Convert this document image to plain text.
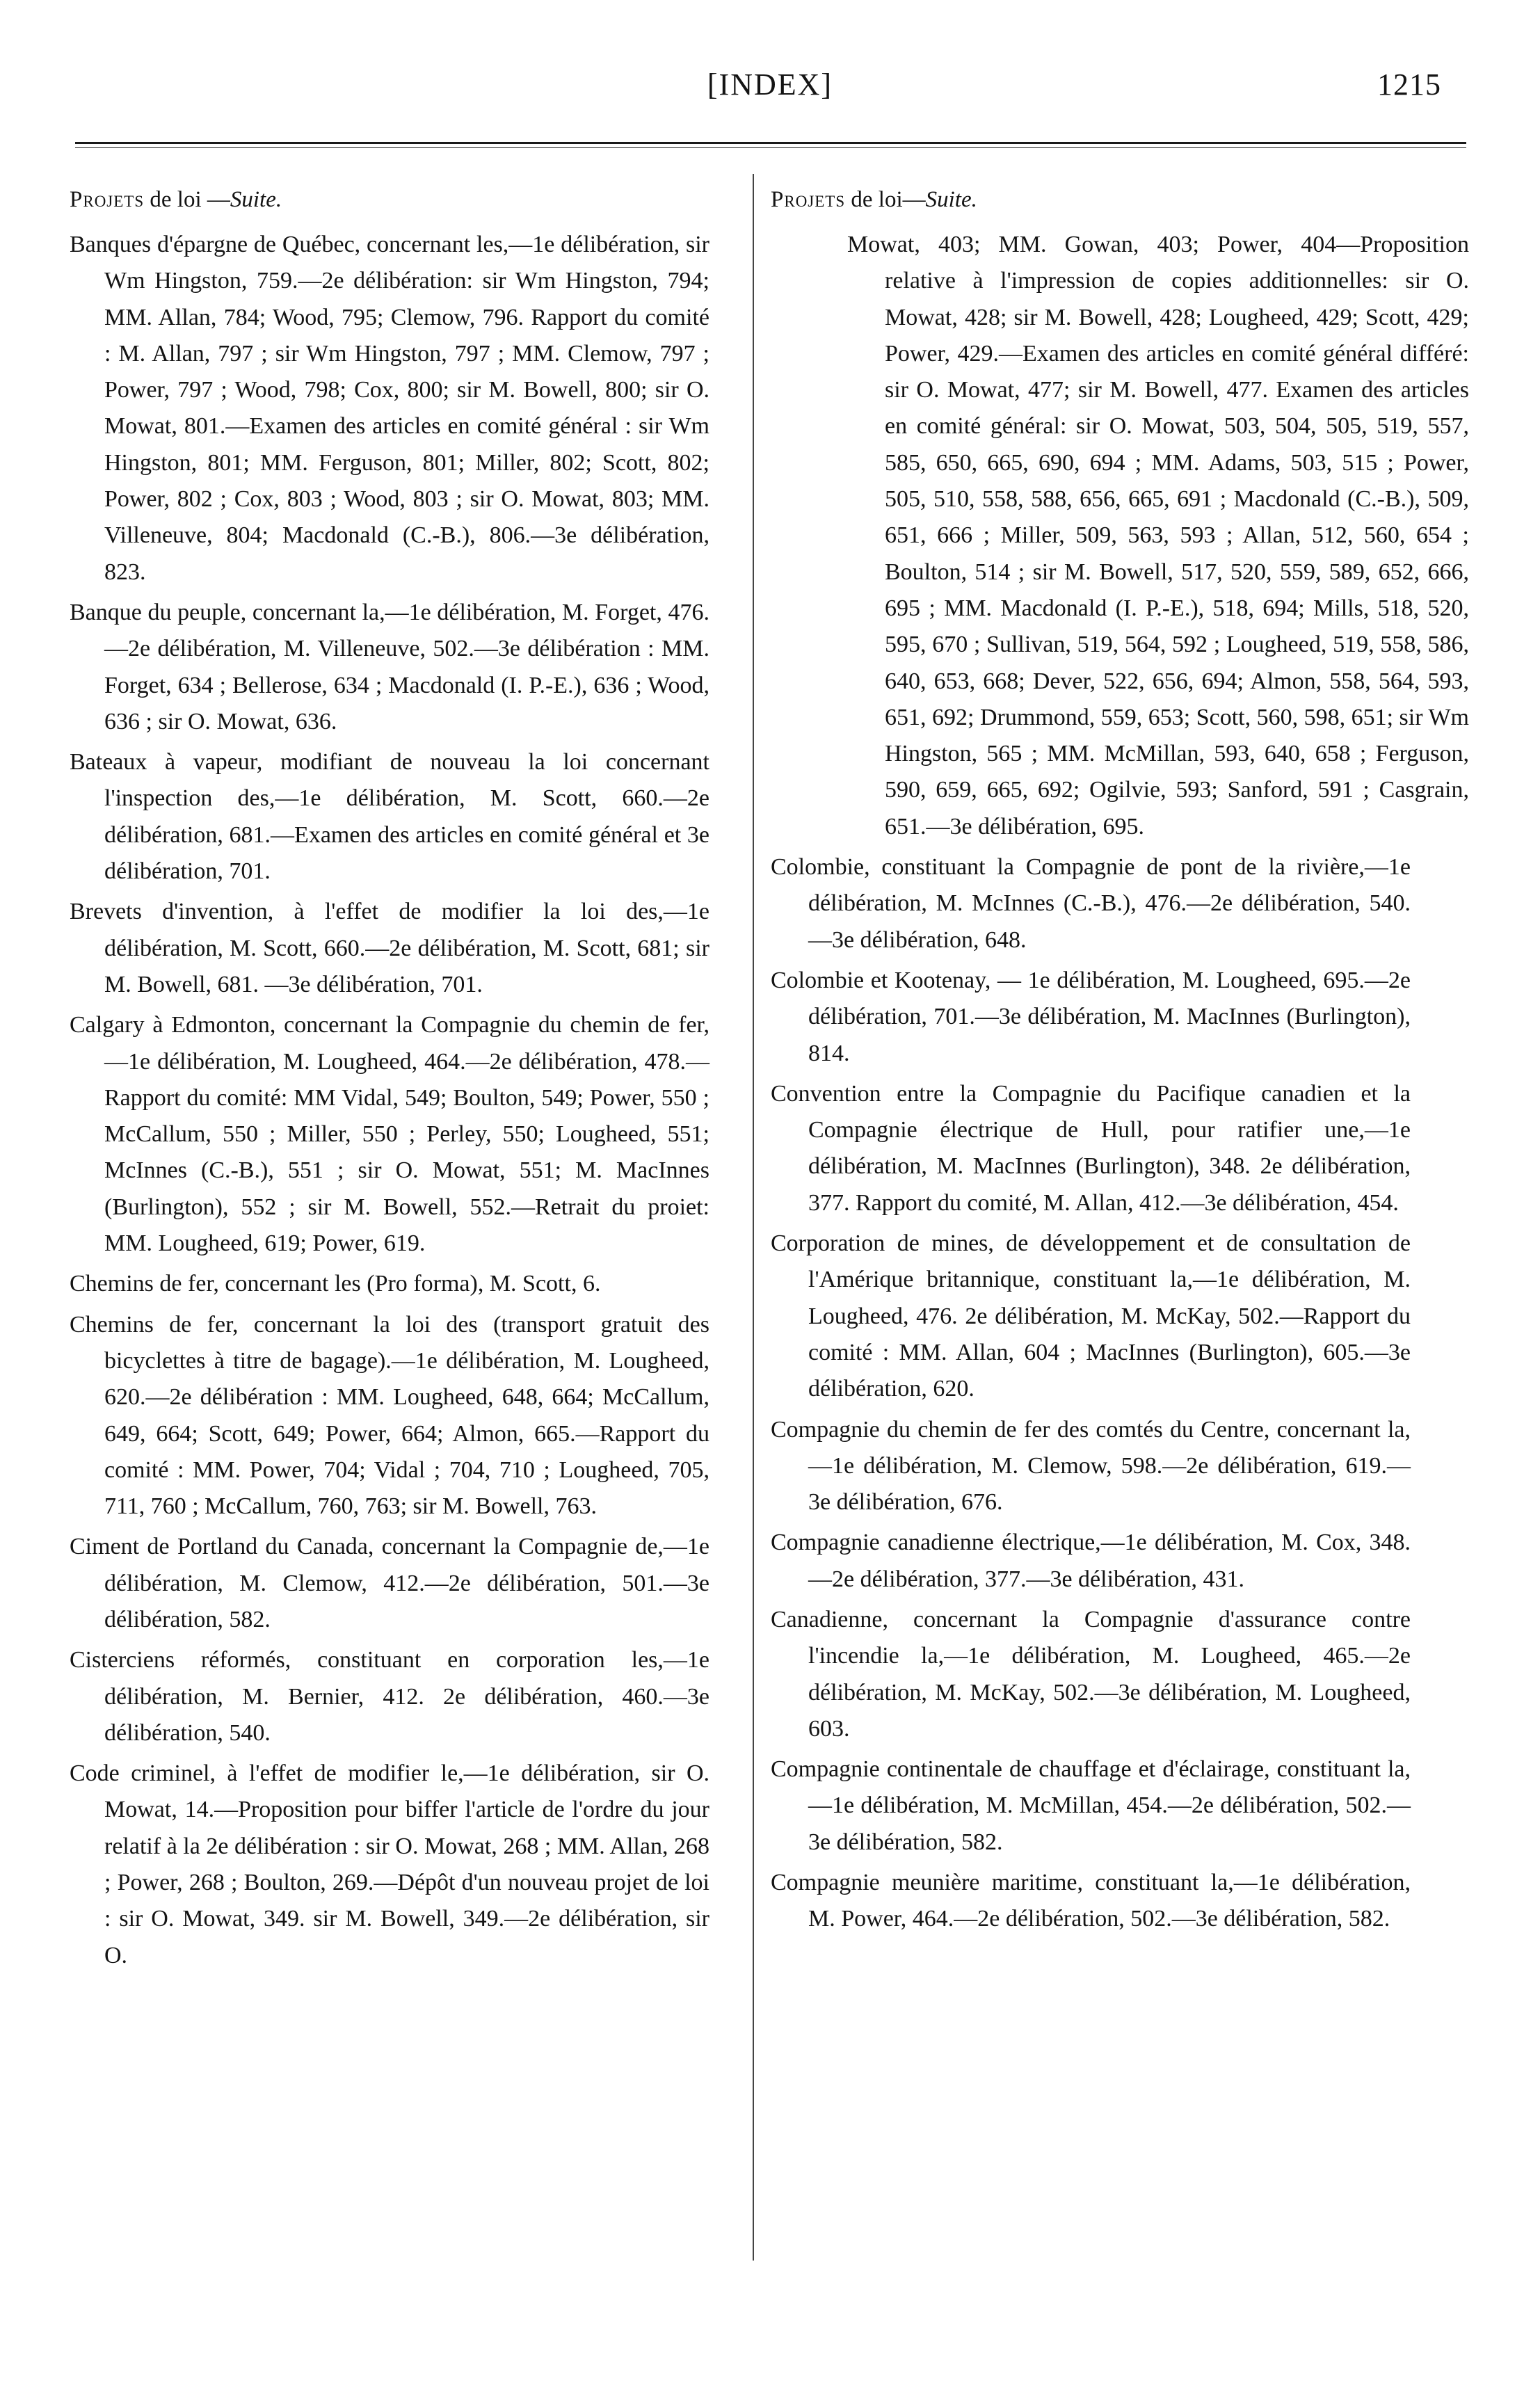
[INDEX]	1215
Projets de loi —Suite.

Banques d'épargne de Québec, concernant les,—1e délibération, sir Wm Hingston, 759.—2e délibération: sir Wm Hingston, 794; MM. Allan, 784; Wood, 795; Clemow, 796. Rapport du comité : M. Allan, 797 ; sir Wm Hingston, 797 ; MM. Clemow, 797 ; Power, 797 ; Wood, 798; Cox, 800; sir M. Bowell, 800; sir O. Mowat, 801.—Examen des articles en comité général : sir Wm Hingston, 801; MM. Ferguson, 801; Miller, 802; Scott, 802; Power, 802 ; Cox, 803 ; Wood, 803 ; sir O. Mowat, 803; MM. Villeneuve, 804; Macdonald (C.-B.), 806.—3e délibération, 823.

Banque du peuple, concernant la,—1e délibération, M. Forget, 476.—2e délibération, M. Villeneuve, 502.—3e délibération : MM. Forget, 634 ; Bellerose, 634 ; Macdonald (I. P.-E.), 636 ; Wood, 636 ; sir O. Mowat, 636.

Bateaux à vapeur, modifiant de nouveau la loi concernant l'inspection des,—1e délibération, M. Scott, 660.—2e délibération, 681.—Examen des articles en comité général et 3e délibération, 701.

Brevets d'invention, à l'effet de modifier la loi des,—1e délibération, M. Scott, 660.—2e délibération, M. Scott, 681; sir M. Bowell, 681. —3e délibération, 701.

Calgary à Edmonton, concernant la Compagnie du chemin de fer,—1e délibération, M. Lougheed, 464.—2e délibération, 478.—Rapport du comité: MM Vidal, 549; Boulton, 549; Power, 550 ; McCallum, 550 ; Miller, 550 ; Perley, 550; Lougheed, 551; McInnes (C.-B.), 551 ; sir O. Mowat, 551; M. MacInnes (Burlington), 552 ; sir M. Bowell, 552.—Retrait du proiet: MM. Lougheed, 619; Power, 619.

Chemins de fer, concernant les (Pro forma), M. Scott, 6.

Chemins de fer, concernant la loi des (transport gratuit des bicyclettes à titre de bagage).—1e délibération, M. Lougheed, 620.—2e délibération : MM. Lougheed, 648, 664; McCallum, 649, 664; Scott, 649; Power, 664; Almon, 665.—Rapport du comité : MM. Power, 704; Vidal ; 704, 710 ; Lougheed, 705, 711, 760 ; McCallum, 760, 763; sir M. Bowell, 763.

Ciment de Portland du Canada, concernant la Compagnie de,—1e délibération, M. Clemow, 412.—2e délibération, 501.—3e délibération, 582.

Cisterciens réformés, constituant en corporation les,—1e délibération, M. Bernier, 412. 2e délibération, 460.—3e délibération, 540.

Code criminel, à l'effet de modifier le,—1e délibération, sir O. Mowat, 14.—Proposition pour biffer l'article de l'ordre du jour relatif à la 2e délibération : sir O. Mowat, 268 ; MM. Allan, 268 ; Power, 268 ; Boulton, 269.—Dépôt d'un nouveau projet de loi : sir O. Mowat, 349. sir M. Bowell, 349.—2e délibération, sir O.

Projets de loi—Suite.

Mowat, 403; MM. Gowan, 403; Power, 404—Proposition relative à l'impression de copies additionnelles: sir O. Mowat, 428; sir M. Bowell, 428; Lougheed, 429; Scott, 429; Power, 429.—Examen des articles en comité général différé: sir O. Mowat, 477; sir M. Bowell, 477. Examen des articles en comité général: sir O. Mowat, 503, 504, 505, 519, 557, 585, 650, 665, 690, 694 ; MM. Adams, 503, 515 ; Power, 505, 510, 558, 588, 656, 665, 691 ; Macdonald (C.-B.), 509, 651, 666 ; Miller, 509, 563, 593 ; Allan, 512, 560, 654 ; Boulton, 514 ; sir M. Bowell, 517, 520, 559, 589, 652, 666, 695 ; MM. Macdonald (I. P.-E.), 518, 694; Mills, 518, 520, 595, 670 ; Sullivan, 519, 564, 592 ; Lougheed, 519, 558, 586, 640, 653, 668; Dever, 522, 656, 694; Almon, 558, 564, 593, 651, 692; Drummond, 559, 653; Scott, 560, 598, 651; sir Wm Hingston, 565 ; MM. McMillan, 593, 640, 658 ; Ferguson, 590, 659, 665, 692; Ogilvie, 593; Sanford, 591 ; Casgrain, 651.—3e délibération, 695.

Colombie, constituant la Compagnie de pont de la rivière,—1e délibération, M. McInnes (C.-B.), 476.—2e délibération, 540.—3e délibération, 648.

Colombie et Kootenay, — 1e délibération, M. Lougheed, 695.—2e délibération, 701.—3e délibération, M. MacInnes (Burlington), 814.

Convention entre la Compagnie du Pacifique canadien et la Compagnie électrique de Hull, pour ratifier une,—1e délibération, M. MacInnes (Burlington), 348. 2e délibération, 377. Rapport du comité, M. Allan, 412.—3e délibération, 454.

Corporation de mines, de développement et de consultation de l'Amérique britannique, constituant la,—1e délibération, M. Lougheed, 476. 2e délibération, M. McKay, 502.—Rapport du comité : MM. Allan, 604 ; MacInnes (Burlington), 605.—3e délibération, 620.

Compagnie du chemin de fer des comtés du Centre, concernant la,—1e délibération, M. Clemow, 598.—2e délibération, 619.—3e délibération, 676.

Compagnie canadienne électrique,—1e délibération, M. Cox, 348.—2e délibération, 377.—3e délibération, 431.

Canadienne, concernant la Compagnie d'assurance contre l'incendie la,—1e délibération, M. Lougheed, 465.—2e délibération, M. McKay, 502.—3e délibération, M. Lougheed, 603.

Compagnie continentale de chauffage et d'éclairage, constituant la,—1e délibération, M. McMillan, 454.—2e délibération, 502.—3e délibération, 582.

Compagnie meunière maritime, constituant la,—1e délibération, M. Power, 464.—2e délibération, 502.—3e délibération, 582.
